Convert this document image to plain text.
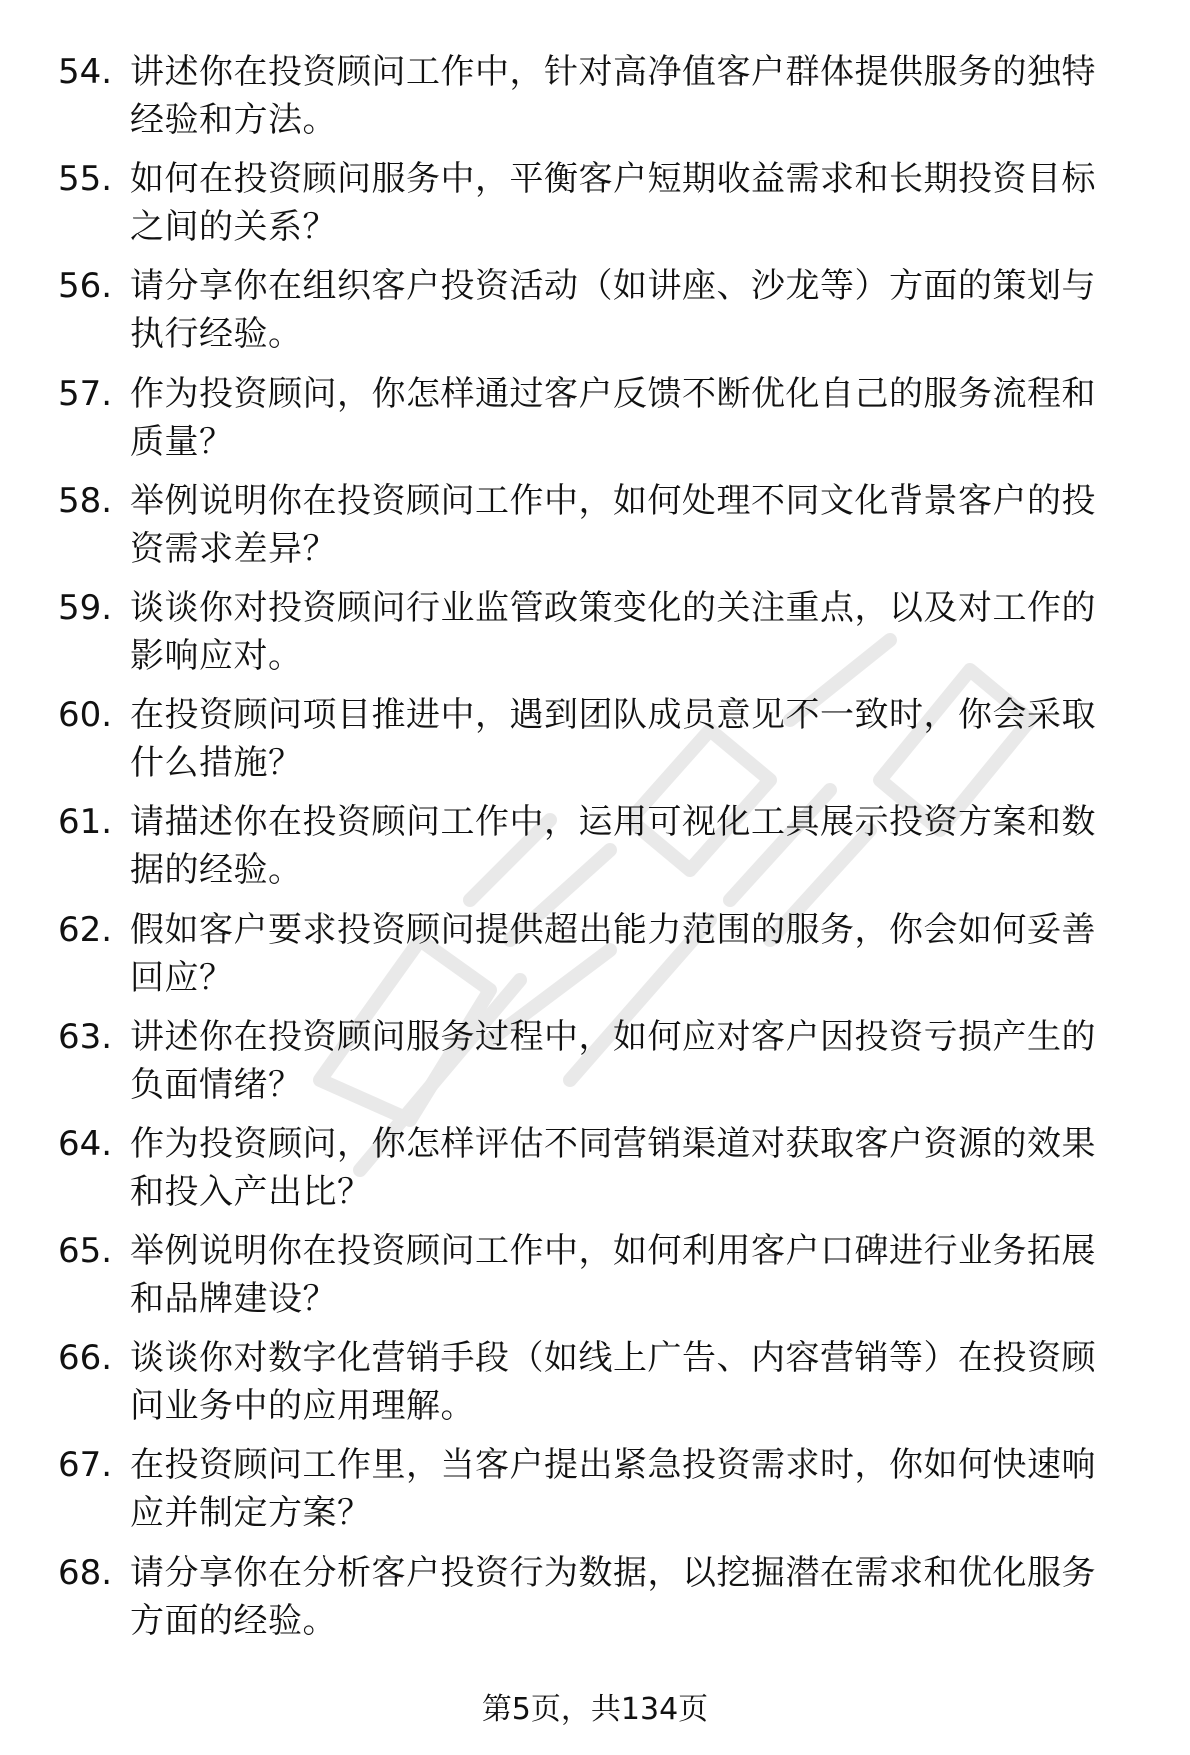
54. 讲述你在投资顾问工作中，针对高净值客户群体提供服务的独特经验和方法。
55. 如何在投资顾问服务中，平衡客户短期收益需求和长期投资目标之间的关系？
56. 请分享你在组织客户投资活动（如讲座、沙龙等）方面的策划与执行经验。
57. 作为投资顾问，你怎样通过客户反馈不断优化自己的服务流程和质量？
58. 举例说明你在投资顾问工作中，如何处理不同文化背景客户的投资需求差异？
59. 谈谈你对投资顾问行业监管政策变化的关注重点，以及对工作的影响应对。
60. 在投资顾问项目推进中，遇到团队成员意见不一致时，你会采取什么措施？
61. 请描述你在投资顾问工作中，运用可视化工具展示投资方案和数据的经验。
62. 假如客户要求投资顾问提供超出能力范围的服务，你会如何妥善回应？
63. 讲述你在投资顾问服务过程中，如何应对客户因投资亏损产生的负面情绪？
64. 作为投资顾问，你怎样评估不同营销渠道对获取客户资源的效果和投入产出比？
65. 举例说明你在投资顾问工作中，如何利用客户口碑进行业务拓展和品牌建设？
66. 谈谈你对数字化营销手段（如线上广告、内容营销等）在投资顾问业务中的应用理解。
67. 在投资顾问工作里，当客户提出紧急投资需求时，你如何快速响应并制定方案？
68. 请分享你在分析客户投资行为数据，以挖掘潜在需求和优化服务方面的经验。
第5页，共134页
